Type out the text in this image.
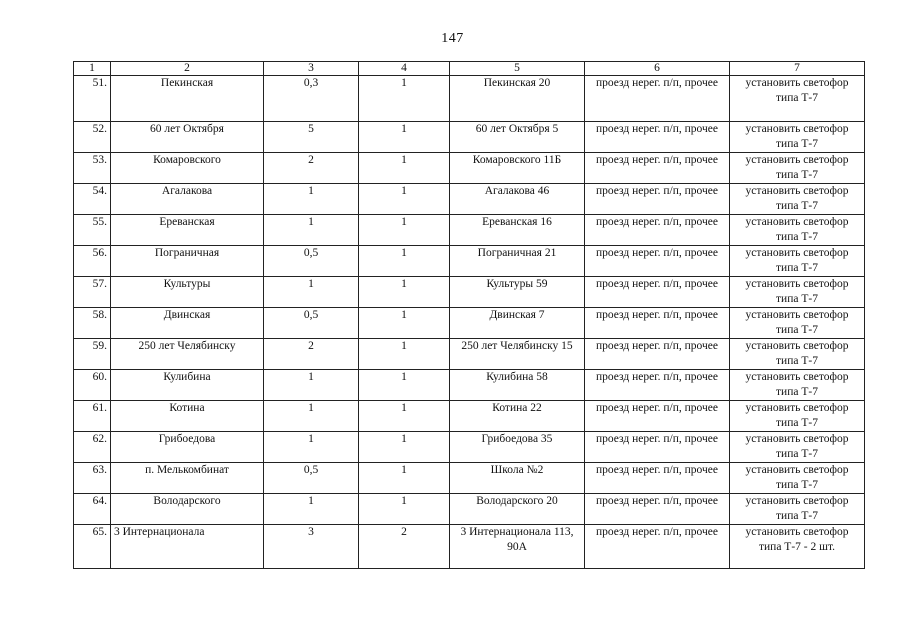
147
1	2	3	4	5	6	7
51.	Пекинская	0,3	1	Пекинская 20	проезд нерег. п/п, прочее	установить светофор типа Т-7
52.	60 лет Октября	5	1	60 лет Октября 5	проезд нерег. п/п, прочее	установить светофор типа Т-7
53.	Комаровского	2	1	Комаровского 11Б	проезд нерег. п/п, прочее	установить светофор типа Т-7
54.	Агалакова	1	1	Агалакова 46	проезд нерег. п/п, прочее	установить светофор типа Т-7
55.	Ереванская	1	1	Ереванская 16	проезд нерег. п/п, прочее	установить светофор типа Т-7
56.	Пограничная	0,5	1	Пограничная 21	проезд нерег. п/п, прочее	установить светофор типа Т-7
57.	Культуры	1	1	Культуры 59	проезд нерег. п/п, прочее	установить светофор типа Т-7
58.	Двинская	0,5	1	Двинская 7	проезд нерег. п/п, прочее	установить светофор типа Т-7
59.	250 лет Челябинску	2	1	250 лет Челябинску 15	проезд нерег. п/п, прочее	установить светофор типа Т-7
60.	Кулибина	1	1	Кулибина 58	проезд нерег. п/п, прочее	установить светофор типа Т-7
61.	Котина	1	1	Котина 22	проезд нерег. п/п, прочее	установить светофор типа Т-7
62.	Грибоедова	1	1	Грибоедова 35	проезд нерег. п/п, прочее	установить светофор типа Т-7
63.	п. Мелькомбинат	0,5	1	Школа №2	проезд нерег. п/п, прочее	установить светофор типа Т-7
64.	Володарского	1	1	Володарского 20	проезд нерег. п/п, прочее	установить светофор типа Т-7
65.	3 Интернационала	3	2	3 Интернационала 113, 90А	проезд нерег. п/п, прочее	установить светофор типа Т-7 - 2 шт.
